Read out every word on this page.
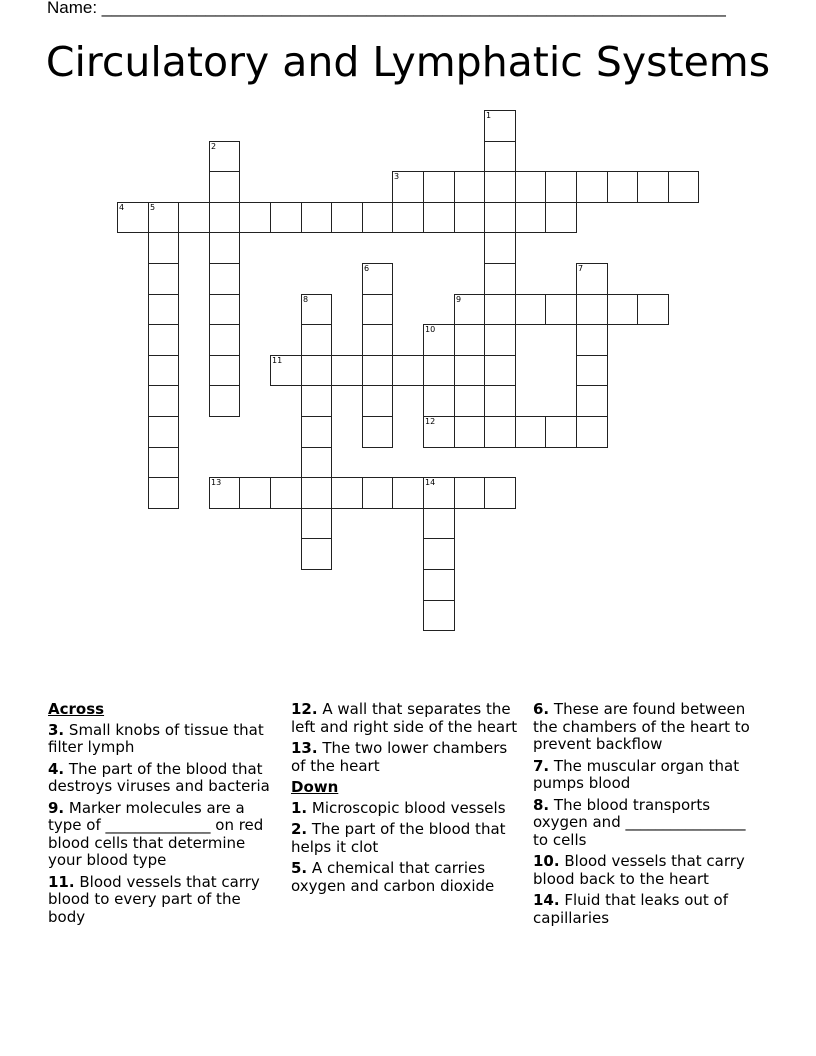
Name: __________________________________________________________________
Circulatory and Lymphatic Systems
3
4	5
9
11
12
13	14
1
2
6	7
8
10
Across
3. Small knobs of tissue that filter lymph
4. The part of the blood that destroys viruses and bacteria
9. Marker molecules are a type of ______________ on red blood cells that determine your blood type
11. Blood vessels that carry blood to every part of the body
12. A wall that separates the left and right side of the heart
13. The two lower chambers of the heart
Down
1. Microscopic blood vessels
2. The part of the blood that helps it clot
5. A chemical that carries oxygen and carbon dioxide
6. These are found between the chambers of the heart to prevent backflow
7. The muscular organ that pumps blood
8. The blood transports oxygen and ________________ to cells
10. Blood vessels that carry blood back to the heart
14. Fluid that leaks out of capillaries
